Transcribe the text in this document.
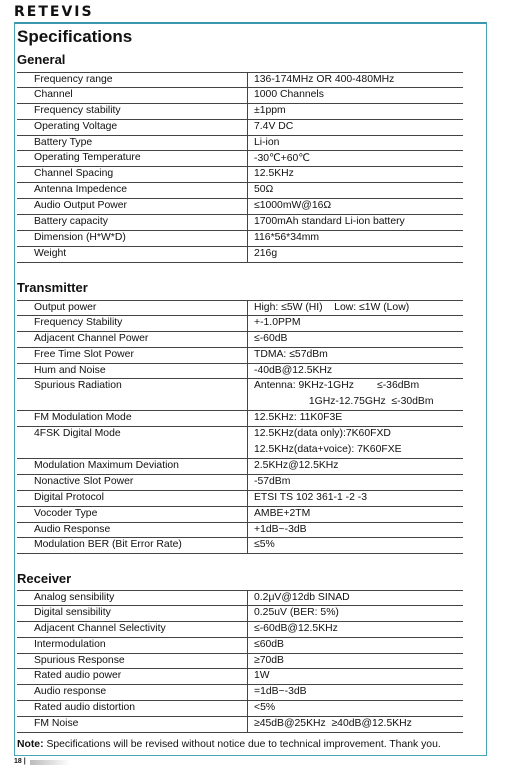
RETEVIS
Specifications
General
Frequency range	136-174MHz OR 400-480MHz
Channel	1000 Channels
Frequency stability	±1ppm
Operating Voltage	7.4V DC
Battery Type	Li-ion
Operating Temperature	-30℃+60℃
Channel Spacing	12.5KHz
Antenna Impedence	50Ω
Audio Output Power	≤1000mW@16Ω
Battery capacity	1700mAh standard Li-ion battery
Dimension (H*W*D)	116*56*34mm
Weight	216g
Transmitter
Output power	High: ≤5W (HI)    Low: ≤1W (Low)
Frequency Stability	+-1.0PPM
Adjacent Channel Power	≤-60dB
Free Time Slot Power	TDMA: ≤57dBm
Hum and Noise	-40dB@12.5KHz
Spurious Radiation	Antenna: 9KHz-1GHz        ≤-36dBm
1GHz-12.75GHz  ≤-30dBm
FM Modulation Mode	12.5KHz: 11K0F3E
4FSK Digital Mode	12.5KHz(data only):7K60FXD
12.5KHz(data+voice): 7K60FXE
Modulation Maximum Deviation	2.5KHz@12.5KHz
Nonactive Slot Power	-57dBm
Digital Protocol	ETSI TS 102 361-1 -2 -3
Vocoder Type	AMBE+2TM
Audio Response	+1dB~-3dB
Modulation BER (Bit Error Rate)	≤5%
Receiver
Analog sensibility	0.2μV@12db SINAD
Digital sensibility	0.25uV (BER: 5%)
Adjacent Channel Selectivity	≤-60dB@12.5KHz
Intermodulation	≤60dB
Spurious Response	≥70dB
Rated audio power	1W
Audio response	=1dB~-3dB
Rated audio distortion	<5%
FM Noise	≥45dB@25KHz  ≥40dB@12.5KHz
Note: Specifications will be revised without notice due to technical improvement. Thank you.
18 |
